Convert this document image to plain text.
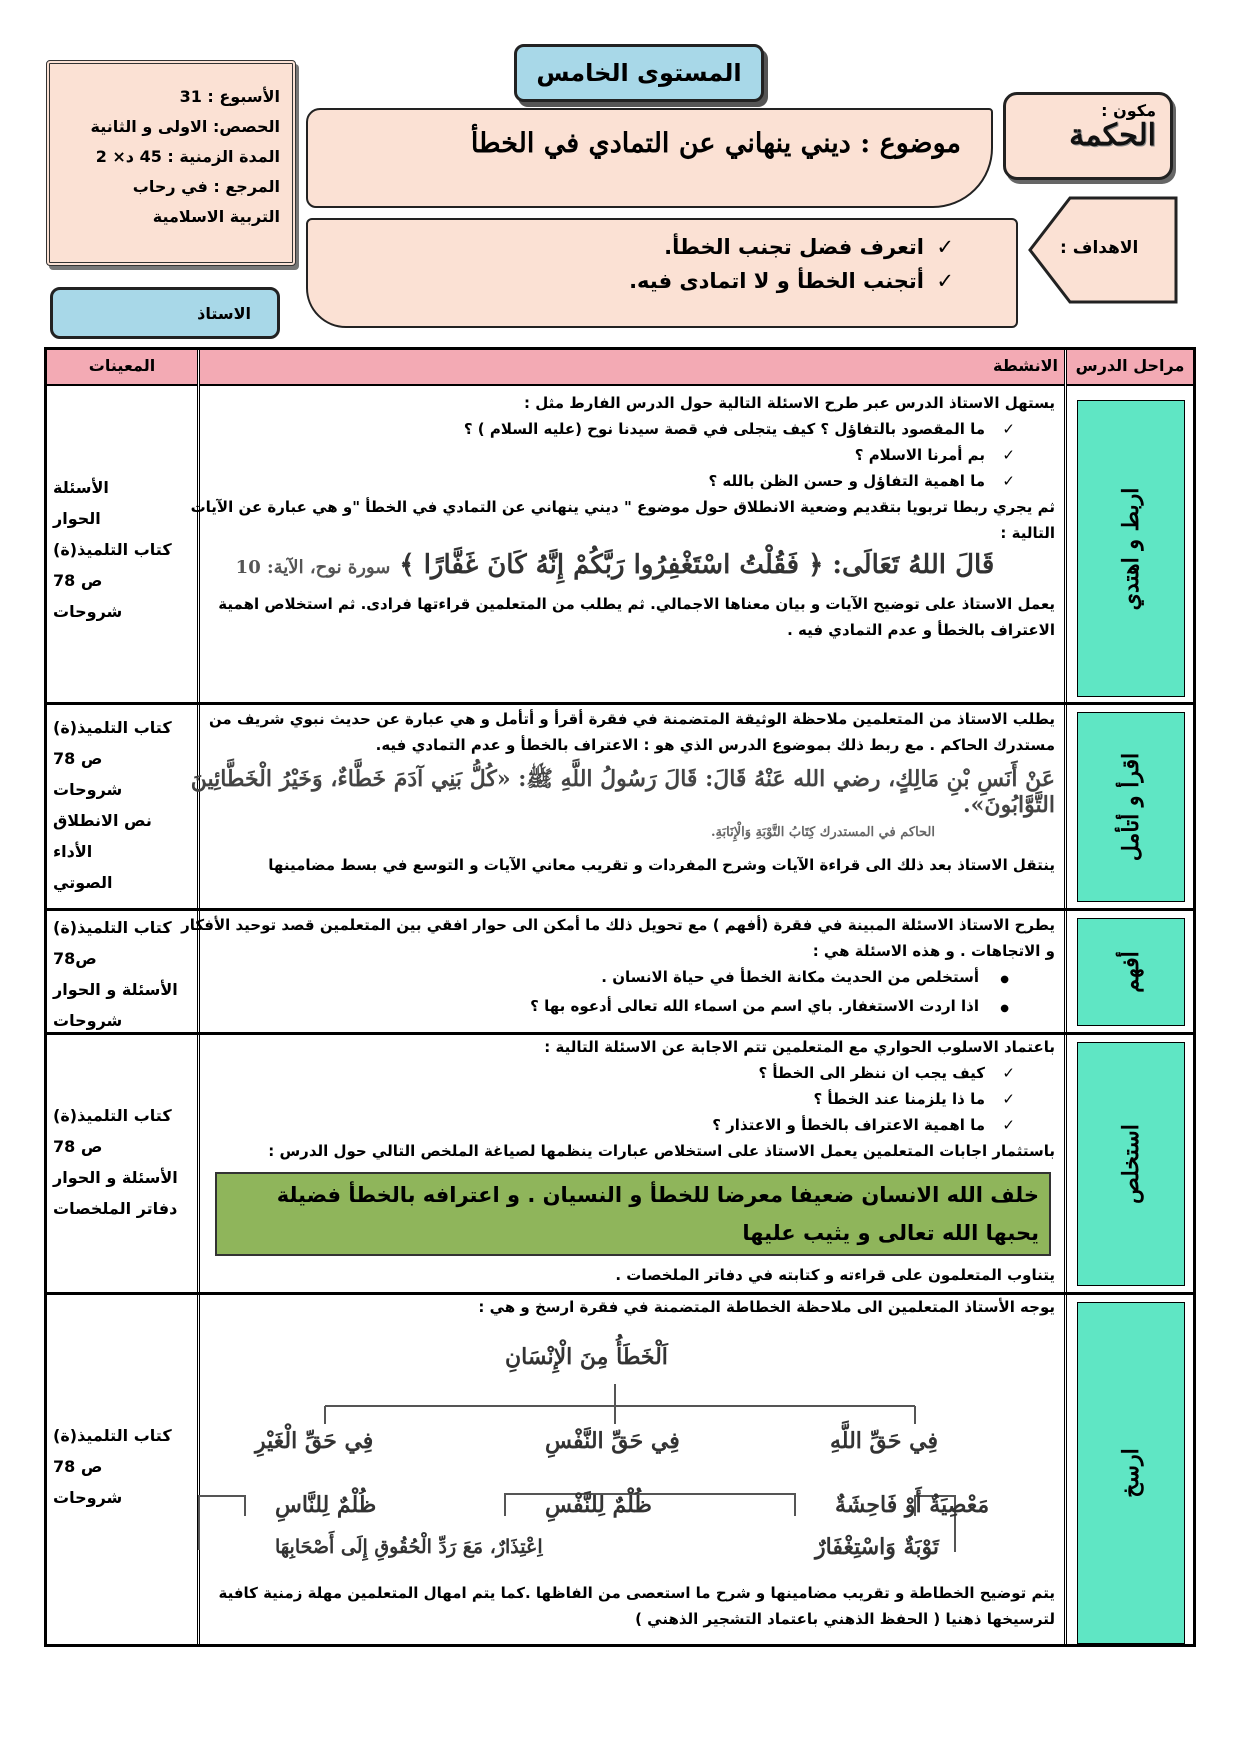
المستوى الخامس
الأسبوع : 31
الحصص: الاولى و الثانية
المدة الزمنية : 45 د× 2
المرجع : في رحاب
التربية الاسلامية
الاستاذ
مكون :
الحكمة
موضوع : ديني ينهاني عن التمادي في الخطأ
الاهداف :
✓ اتعرف فضل تجنب الخطأ.
✓ أتجنب الخطأ و لا اتمادى فيه.
مراحل الدرس
الانشطة
المعينات
اربط و اهتدي
اقرأ و أتأمل
أفهم
استخلص
ارسخ
الأسئلة
الحوار
كتاب التلميذ(ة)
ص 78
شروحات
كتاب التلميذ(ة)
ص 78
شروحات
نص الانطلاق
الأداء
الصوتي
كتاب التلميذ(ة)
ص78
الأسئلة و الحوار
شروحات
كتاب التلميذ(ة)
ص 78
الأسئلة و الحوار
دفاتر الملخصات
كتاب التلميذ(ة)
ص 78
شروحات

يستهل الاستاذ الدرس عبر طرح الاسئلة التالية حول الدرس الفارط مثل :

✓ ما المقصود بالتفاؤل ؟ كيف يتجلى في قصة سيدنا نوح (عليه السلام ) ؟

✓ بم أمرنا الاسلام ؟

✓ ما اهمية التفاؤل و حسن الظن بالله ؟

ثم يجري ربطا تربويا بتقديم وضعية الانطلاق حول موضوع " ديني ينهاني عن التمادي في الخطأ "و هي عبارة عن الآيات التالية :

قَالَ اللهُ تَعَالَى: ﴿ فَقُلْتُ اسْتَغْفِرُوا رَبَّكُمْ إِنَّهُ كَانَ غَفَّارًا ﴾ سورة نوح، الآية: 10

يعمل الاستاذ على توضيح الآيات و بيان معناها الاجمالي. ثم يطلب من المتعلمين قراءتها فرادى. ثم استخلاص اهمية الاعتراف بالخطأ و عدم التمادي فيه .

يطلب الاستاذ من المتعلمين ملاحظة الوثيقة المتضمنة في فقرة أقرأ و أتأمل و هي عبارة عن حديث نبوي شريف من مستدرك الحاكم . مع ربط ذلك بموضوع الدرس الذي هو : الاعتراف بالخطأ و عدم التمادي فيه.

عَنْ أَنَسِ بْنِ مَالِكٍ، رضي الله عَنْهُ قَالَ: قَالَ رَسُولُ اللَّهِ ﷺ: «كُلُّ بَنِي آدَمَ خَطَّاءٌ، وَخَيْرُ الْخَطَّائِينَ التَّوَّابُونَ».
الحاكم في المستدرك كِتَابُ التَّوْبَةِ وَالْإِنَابَةِ.

ينتقل الاستاذ بعد ذلك الى قراءة الآيات وشرح المفردات و تقريب معاني الآيات و التوسع في بسط مضامينها

يطرح الاستاذ الاسئلة المبينة في فقرة (أفهم ) مع تحويل ذلك ما أمكن الى حوار افقي بين المتعلمين قصد توحيد الأفكار و الاتجاهات . و هذه الاسئلة هي :

● أستخلص من الحديث مكانة الخطأ في حياة الانسان .

● اذا اردت الاستغفار. باي اسم من اسماء الله تعالى أدعوه بها ؟

باعتماد الاسلوب الحواري مع المتعلمين تتم الاجابة عن الاسئلة التالية :

✓ كيف يجب ان ننظر الى الخطأ ؟

✓ ما ذا يلزمنا عند الخطأ ؟

✓ ما اهمية الاعتراف بالخطأ و الاعتذار ؟

باستثمار اجابات المتعلمين يعمل الاستاذ على استخلاص عبارات ينظمها لصياغة الملخص التالي حول الدرس :

خلف الله الانسان ضعيفا معرضا للخطأ و النسيان . و اعترافه بالخطأ فضيلة يحبها الله تعالى و يثيب عليها

يتناوب المتعلمون على قراءته و كتابته في دفاتر الملخصات .

يوجه الأستاذ المتعلمين الى ملاحظة الخطاطة المتضمنة في فقرة ارسخ و هي :

اَلْخَطَأُ مِنَ الْإِنْسَانِ
فِي حَقِّ اللَّهِ
فِي حَقِّ النَّفْسِ
فِي حَقِّ الْغَيْرِ
مَعْصِيَةٌ أَوْ فَاحِشَةٌ
ظُلْمٌ لِلنَّفْسِ
ظُلْمٌ لِلنَّاسِ
تَوْبَةٌ وَاسْتِغْفَارٌ
اِعْتِذَارٌ، مَعَ رَدِّ الْحُقُوقِ إِلَى أَصْحَابِهَا

يتم توضيح الخطاطة و تقريب مضامينها و شرح ما استعصى من الفاظها .كما يتم امهال المتعلمين مهلة زمنية كافية لترسيخها ذهنيا ( الحفظ الذهني باعتماد التشجير الذهني )
